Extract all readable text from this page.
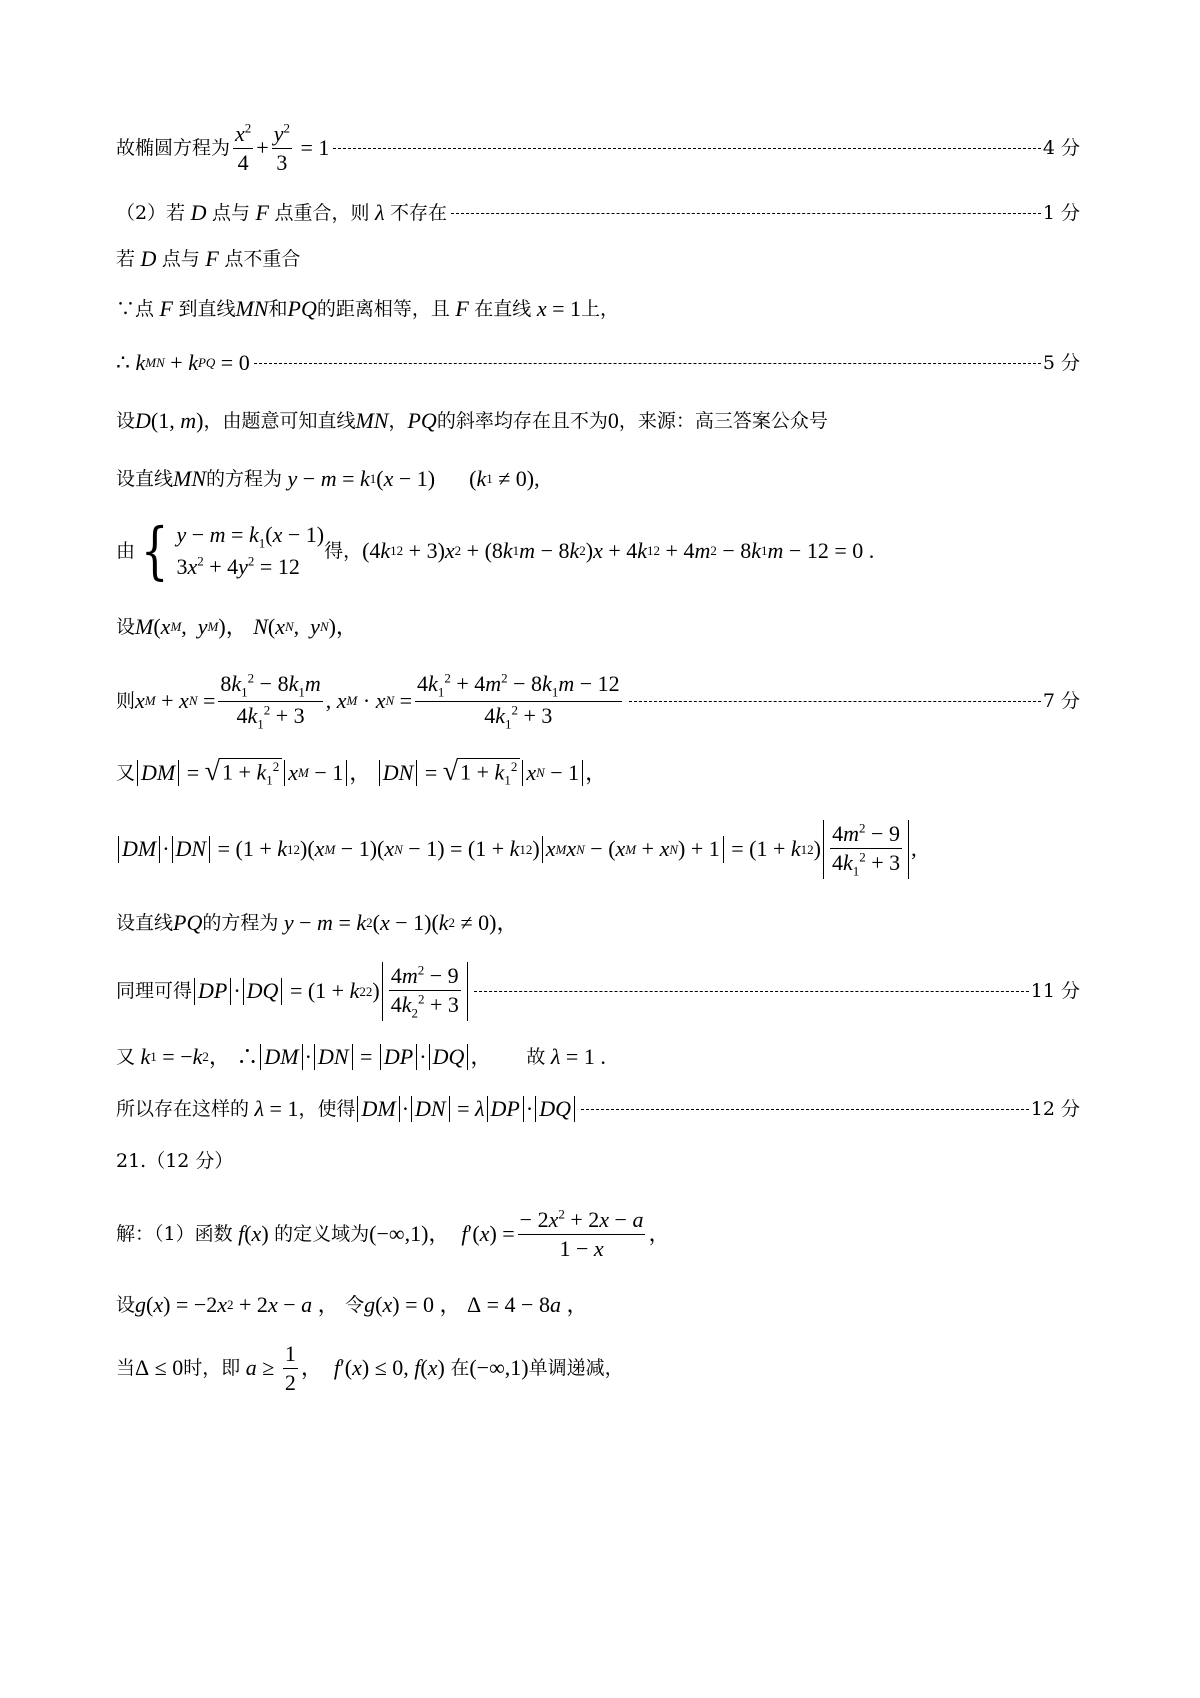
故椭圆方程为 $\frac{x^2}{4} + \frac{y^2}{3} = 1$	4 分
（2）若 D 点与 F 点重合，则 λ 不存在	1 分
若 D 点与 F 点不重合
∵点 F 到直线 MN 和 PQ 的距离相等，且 F 在直线 x = 1 上，
∴ k MN + k PQ = 0	5 分
设 D (1, m ) ，由题意可知直线 MN ， PQ 的斜率均存在且不为 0 ，来源：高三答案公众号
设直线 MN 的方程为
y − m = k 1 ( x − 1) ( k 1 ≠ 0),
由 { $y - m = k_1(x - 1)$
$3x^2 + 4y^2 = 12$
得， (4 k 1 2 + 3) x 2 + (8 k 1 m − 8 k 2 ) x + 4 k 1 2 + 4 m 2 − 8 k 1 m − 12 = 0 .
设 M ( x M , y M )， N ( x N , y N )，
则 x M + x $N = \frac{8k_1^2 - 8k_1m}{4k_1^2 + 3}$ , x M · x $N = \frac{4k_1^2 + 4m^2 - 8k_1m - 12}{4k_1^2 + 3}$	7 分
又 DM = √ $1 + k_1^2$ x M − 1 ， DN = √ $1 + k_1^2$ x N − 1 ，
DM · DN = (1 + k 1 2 )( x M − 1)( x N − 1) = (1 + k 1 2 ) x M x N − ( x M + x N ) + 1 = (1 + k 1 2 ) $\frac{4m^2 - 9}{4k_1^2 + 3}$ ,
设直线 PQ 的方程为
y − m = k 2 ( x − 1)( k 2 ≠ 0)，
同理可得 DP · DQ = (1 + k 2 2 ) $\frac{4m^2 - 9}{4k_2^2 + 3}$	11 分
又
k 1 = − k 2 ， ∴ DM · DN = DP · DQ ， 故
λ = 1 .
所以存在这样的
λ = 1 ，使得 DM · DN = λ DP · DQ	12 分
21.（12 分）
解：（1）函数
f ( x ) 的定义域为 (−∞,1)， f ′( x ) = $\frac{- 2x^2 + 2x - a}{1 - x}$ ，
设 g ( x ) = −2 x 2 + 2 x − a ， 令 g ( x ) = 0 ， Δ = 4 − 8 a ，
当 Δ ≤ 0 时，即
$a \ge \frac{1}{2}$ ， f ′( x ) ≤ 0, f ( x ) 在 (−∞,1) 单调递减，
